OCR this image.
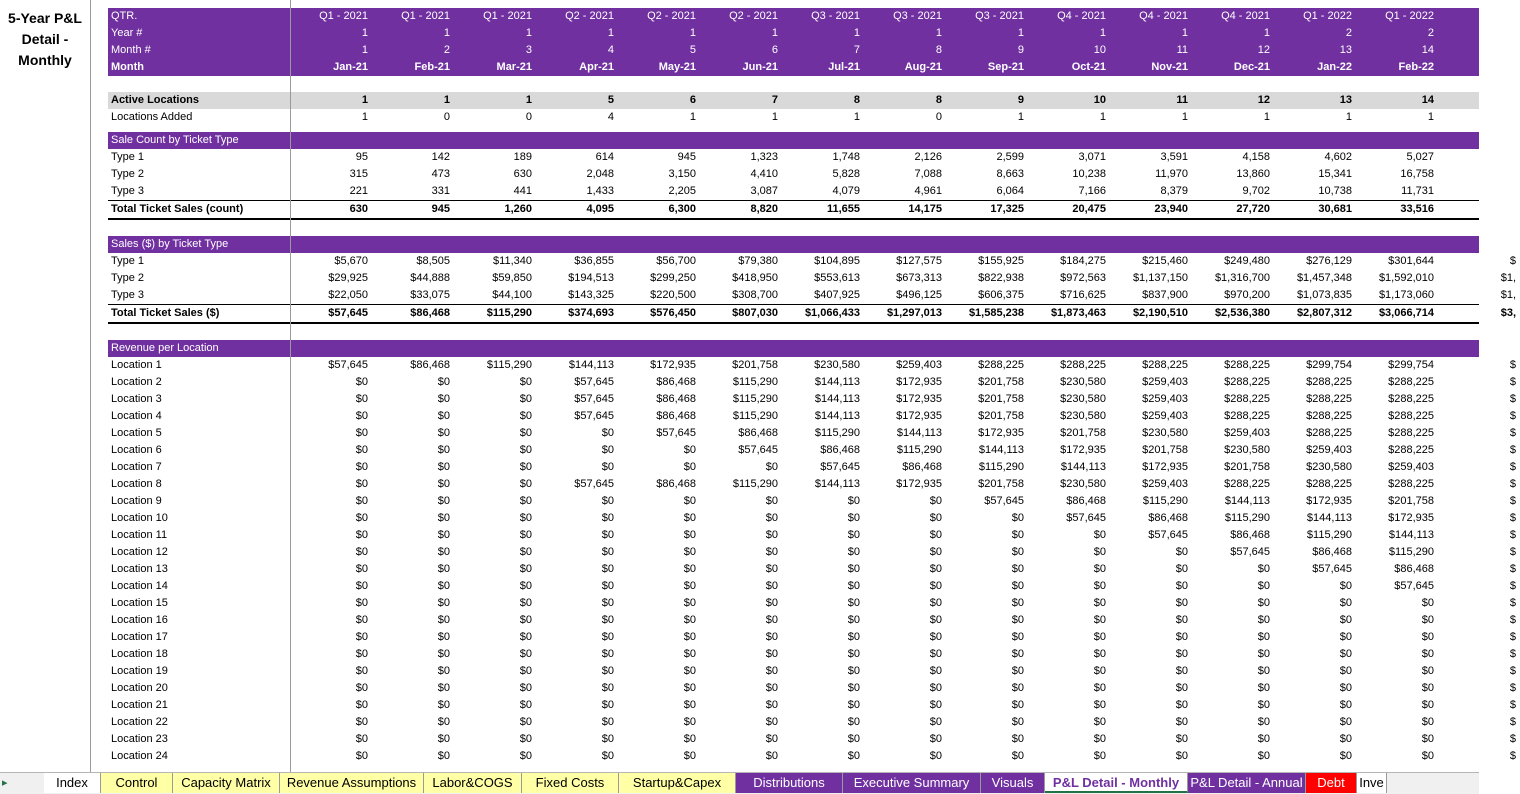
5-Year P&L Detail - Monthly
QTR.	Q1 - 2021	Q1 - 2021	Q1 - 2021	Q2 - 2021	Q2 - 2021	Q2 - 2021	Q3 - 2021	Q3 - 2021	Q3 - 2021	Q4 - 2021	Q4 - 2021	Q4 - 2021	Q1 - 2022	Q1 - 2022	Q
Year #	1	1	1	1	1	1	1	1	1	1	1	1	2	2
Month #	1	2	3	4	5	6	7	8	9	10	11	12	13	14
Month	Jan-21	Feb-21	Mar-21	Apr-21	May-21	Jun-21	Jul-21	Aug-21	Sep-21	Oct-21	Nov-21	Dec-21	Jan-22	Feb-22
Active Locations	1	1	1	5	6	7	8	8	9	10	11	12	13	14
Locations Added	1	0	0	4	1	1	1	0	1	1	1	1	1	1
Sale Count by Ticket Type
Type 1	95	142	189	614	945	1,323	1,748	2,126	2,599	3,071	3,591	4,158	4,602	5,027
Type 2	315	473	630	2,048	3,150	4,410	5,828	7,088	8,663	10,238	11,970	13,860	15,341	16,758
Type 3	221	331	441	1,433	2,205	3,087	4,079	4,961	6,064	7,166	8,379	9,702	10,738	11,731
Total Ticket Sales (count)	630	945	1,260	4,095	6,300	8,820	11,655	14,175	17,325	20,475	23,940	27,720	30,681	33,516
Sales ($) by Ticket Type
Type 1	$5,670	$8,505	$11,340	$36,855	$56,700	$79,380	$104,895	$127,575	$155,925	$184,275	$215,460	$249,480	$276,129	$301,644	$
Type 2	$29,925	$44,888	$59,850	$194,513	$299,250	$418,950	$553,613	$673,313	$822,938	$972,563	$1,137,150	$1,316,700	$1,457,348	$1,592,010	$1,
Type 3	$22,050	$33,075	$44,100	$143,325	$220,500	$308,700	$407,925	$496,125	$606,375	$716,625	$837,900	$970,200	$1,073,835	$1,173,060	$1,
Total Ticket Sales ($)	$57,645	$86,468	$115,290	$374,693	$576,450	$807,030	$1,066,433	$1,297,013	$1,585,238	$1,873,463	$2,190,510	$2,536,380	$2,807,312	$3,066,714	$3,
Revenue per Location
Location 1	$57,645	$86,468	$115,290	$144,113	$172,935	$201,758	$230,580	$259,403	$288,225	$288,225	$288,225	$288,225	$299,754	$299,754	$
Location 2	$0	$0	$0	$57,645	$86,468	$115,290	$144,113	$172,935	$201,758	$230,580	$259,403	$288,225	$288,225	$288,225	$
Location 3	$0	$0	$0	$57,645	$86,468	$115,290	$144,113	$172,935	$201,758	$230,580	$259,403	$288,225	$288,225	$288,225	$
Location 4	$0	$0	$0	$57,645	$86,468	$115,290	$144,113	$172,935	$201,758	$230,580	$259,403	$288,225	$288,225	$288,225	$
Location 5	$0	$0	$0	$0	$57,645	$86,468	$115,290	$144,113	$172,935	$201,758	$230,580	$259,403	$288,225	$288,225	$
Location 6	$0	$0	$0	$0	$0	$57,645	$86,468	$115,290	$144,113	$172,935	$201,758	$230,580	$259,403	$288,225	$
Location 7	$0	$0	$0	$0	$0	$0	$57,645	$86,468	$115,290	$144,113	$172,935	$201,758	$230,580	$259,403	$
Location 8	$0	$0	$0	$57,645	$86,468	$115,290	$144,113	$172,935	$201,758	$230,580	$259,403	$288,225	$288,225	$288,225	$
Location 9	$0	$0	$0	$0	$0	$0	$0	$0	$57,645	$86,468	$115,290	$144,113	$172,935	$201,758	$
Location 10	$0	$0	$0	$0	$0	$0	$0	$0	$0	$57,645	$86,468	$115,290	$144,113	$172,935	$
Location 11	$0	$0	$0	$0	$0	$0	$0	$0	$0	$0	$57,645	$86,468	$115,290	$144,113	$
Location 12	$0	$0	$0	$0	$0	$0	$0	$0	$0	$0	$0	$57,645	$86,468	$115,290	$
Location 13	$0	$0	$0	$0	$0	$0	$0	$0	$0	$0	$0	$0	$57,645	$86,468	$
Location 14	$0	$0	$0	$0	$0	$0	$0	$0	$0	$0	$0	$0	$0	$57,645	$
Location 15	$0	$0	$0	$0	$0	$0	$0	$0	$0	$0	$0	$0	$0	$0	$
Location 16	$0	$0	$0	$0	$0	$0	$0	$0	$0	$0	$0	$0	$0	$0	$
Location 17	$0	$0	$0	$0	$0	$0	$0	$0	$0	$0	$0	$0	$0	$0	$
Location 18	$0	$0	$0	$0	$0	$0	$0	$0	$0	$0	$0	$0	$0	$0	$
Location 19	$0	$0	$0	$0	$0	$0	$0	$0	$0	$0	$0	$0	$0	$0	$
Location 20	$0	$0	$0	$0	$0	$0	$0	$0	$0	$0	$0	$0	$0	$0	$
Location 21	$0	$0	$0	$0	$0	$0	$0	$0	$0	$0	$0	$0	$0	$0	$
Location 22	$0	$0	$0	$0	$0	$0	$0	$0	$0	$0	$0	$0	$0	$0	$
Location 23	$0	$0	$0	$0	$0	$0	$0	$0	$0	$0	$0	$0	$0	$0	$
Location 24	$0	$0	$0	$0	$0	$0	$0	$0	$0	$0	$0	$0	$0	$0	$
▸	Index	Control	Capacity Matrix	Revenue Assumptions	Labor&COGS	Fixed Costs	Startup&Capex	Distributions	Executive Summary	Visuals	P&L Detail - Monthly P&L Detail - Annual	Debt	Inve
